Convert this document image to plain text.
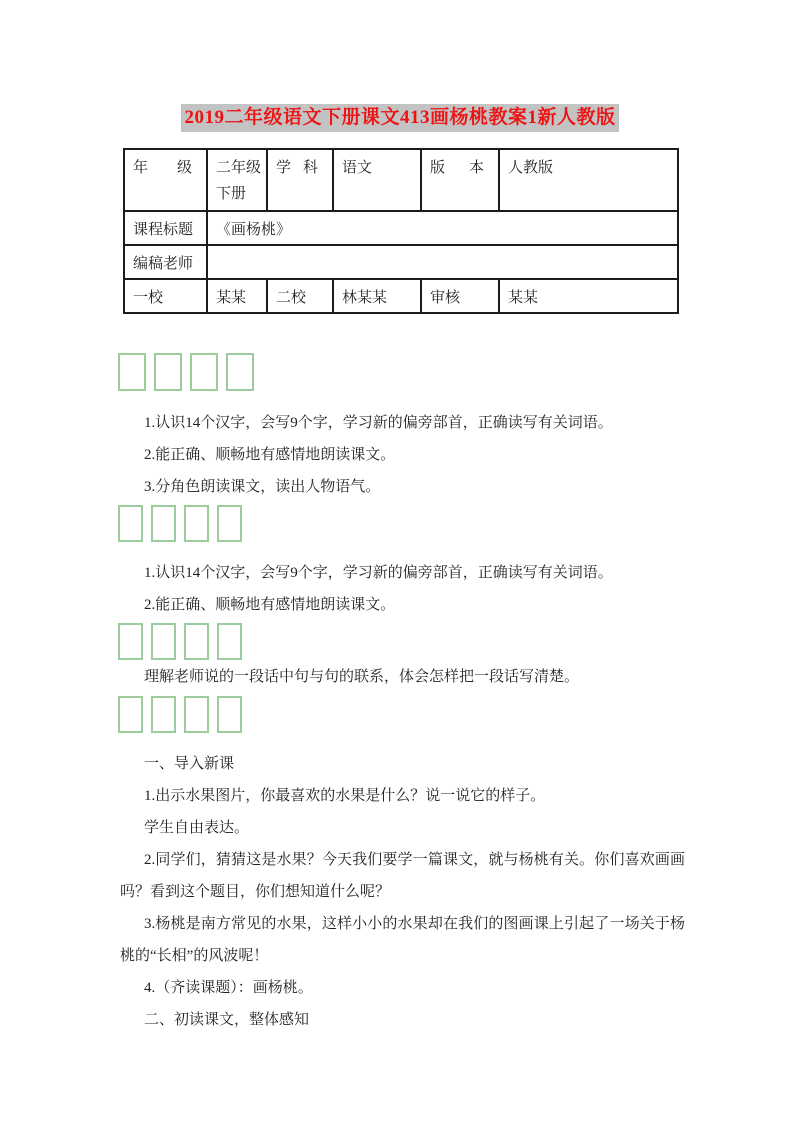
2019二年级语文下册课文413画杨桃教案1新人教版
年级	二年级下册	学科	语文	版本	人教版
课程标题	《画杨桃》				
编稿老师					
一校	某某	二校	林某某	审核	某某

1.认识14个汉字，会写9个字，学习新的偏旁部首，正确读写有关词语。

2.能正确、顺畅地有感情地朗读课文。

3.分角色朗读课文，读出人物语气。

1.认识14个汉字，会写9个字，学习新的偏旁部首，正确读写有关词语。

2.能正确、顺畅地有感情地朗读课文。

理解老师说的一段话中句与句的联系，体会怎样把一段话写清楚。

一、导入新课

1.出示水果图片，你最喜欢的水果是什么？说一说它的样子。

学生自由表达。

2.同学们，猜猜这是水果？今天我们要学一篇课文，就与杨桃有关。你们喜欢画画吗？看到这个题目，你们想知道什么呢？

3.杨桃是南方常见的水果，这样小小的水果却在我们的图画课上引起了一场关于杨桃的“长相”的风波呢！

4.（齐读课题）：画杨桃。

二、初读课文，整体感知
